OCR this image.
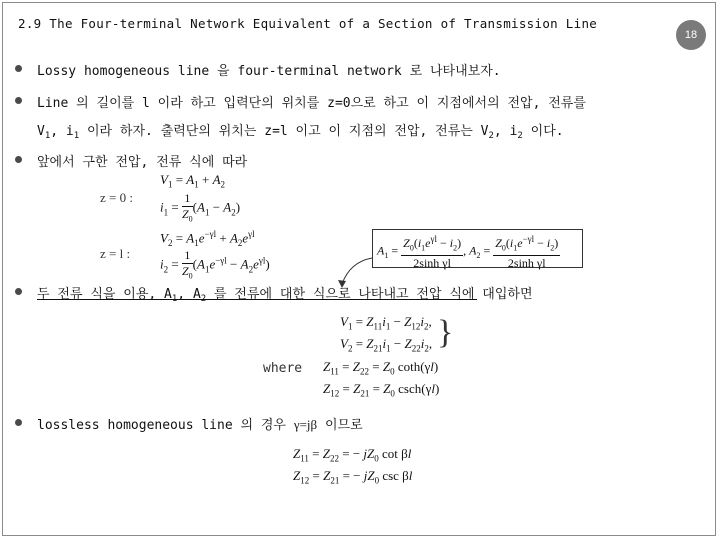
2.9 The Four-terminal Network Equivalent of a Section of Transmission Line
18
Lossy homogeneous line 을 four-terminal network 로 나타내보자.
Line 의 길이를 l 이라 하고 입력단의 위치를 z=0으로 하고 이 지점에서의 전압, 전류를
$V_1$, $i_1$ 이라 하자. 출력단의 위치는 z=l 이고 이 지점의 전압, 전류는 $V_2$, $i_2$ 이다.
앞에서 구한 전압, 전류 식에 따라
z = 0 :
$V_1 = A_1 + A_2$
$i_1 = \frac{1}{Z_0} (A_1 - A_2)$
z = l :
$V_2 = A_1e^{-\gamma l} + A_2e^{\gamma l}$
$i_2 = \frac{1}{Z_0} (A_1e^{-\gamma l} - A_2e^{\gamma l})$
$A_1 = \frac{Z_0(i_1e^{\gamma l} - i_2)}{\text{2sinh γl}}$ , $A_2 = \frac{Z_0(i_1e^{-\gamma l} - i_2)}{\text{2sinh γl}}$
두 전류 식을 이용, $A_1$, $A_2$ 를 전류에 대한 식으로 나타내고 전압 식에 대입하면
$V_1 = Z_{11}i_1 - Z_{12}i_2$,
$V_2 = Z_{21}i_1 - Z_{22}i_2$, }
where $Z_{11} = Z_{22} = Z_0$ coth(γl)
$Z_{12} = Z_{21} = Z_0$ csch(γl)
lossless homogeneous line 의 경우 γ=jβ 이므로
$Z_{11} = Z_{22}$ = − $jZ_0$ cot βl
$Z_{12} = Z_{21}$ = − $jZ_0$ csc βl
